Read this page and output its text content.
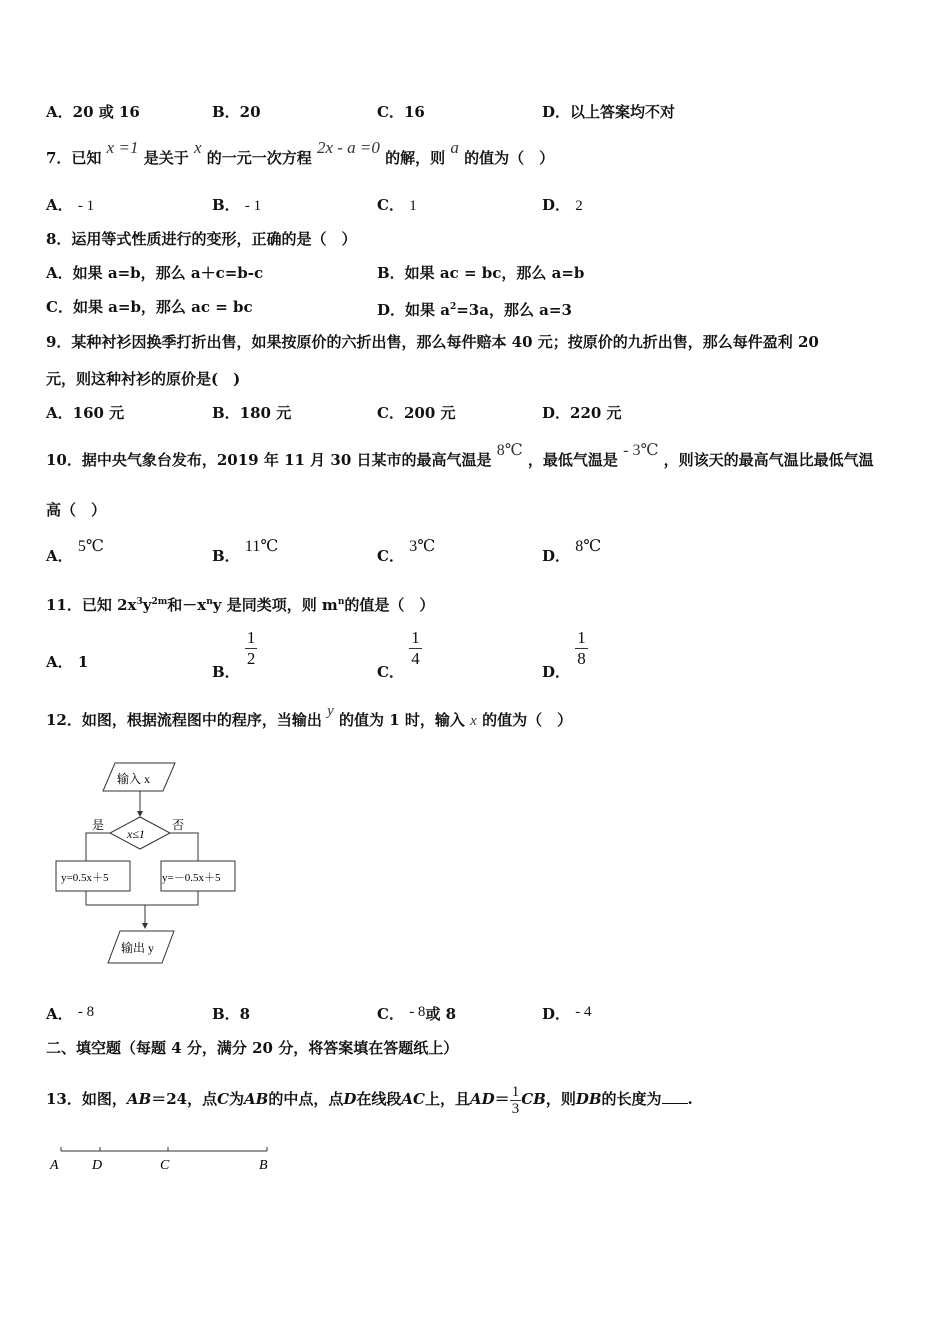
A．20 或 16	B．20	C．16	D．以上答案均不对
7．已知 x =1 是关于 x 的一元一次方程 2x - a =0 的解，则 a 的值为（　）
A． - 1	B． - 1	C． 1	D． 2
8．运用等式性质进行的变形，正确的是（　）
A．如果 a=b，那么 a＋c=b-c	B．如果 ac = bc，那么 a=b
C．如果 a=b，那么 ac = bc	D．如果 $a^2=3a$，那么 a=3
9．某种衬衫因换季打折出售，如果按原价的六折出售，那么每件赔本 40 元；按原价的九折出售，那么每件盈利 20
元，则这种衬衫的原价是(　)
A．160 元	B．180 元	C．200 元	D．220 元
10．据中央气象台发布，2019 年 11 月 30 日某市的最高气温是 8℃ ，最低气温是 - 3℃ ，则该天的最高气温比最低气温
高（　）
A． 5℃
B． 11℃
C． 3℃
D． 8℃
11．已知 $2x^3y^{2m}$和$-x^ny$ 是同类项，则 $m^n$的值是（　）
A． 1
B．
$\frac{1}{2}$
C．
$\frac{1}{4}$
D．
$\frac{1}{8}$
12．如图，根据流程图中的程序，当输出 y 的值为 1 时，输入 x 的值为（　）
输入 x
x≤1
是	否
y=0.5x＋5	y=－0.5x＋5
输出 y
A． - 8	B．8	C． - 8或 8	D． - 4
二、填空题（每题 4 分，满分 20 分，将答案填在答题纸上）
13．如图，AB＝24，点C为AB的中点，点D在线段AC上，且$AD= \frac{1}{3}$ CB，则DB的长度为 .
A D	C	B
